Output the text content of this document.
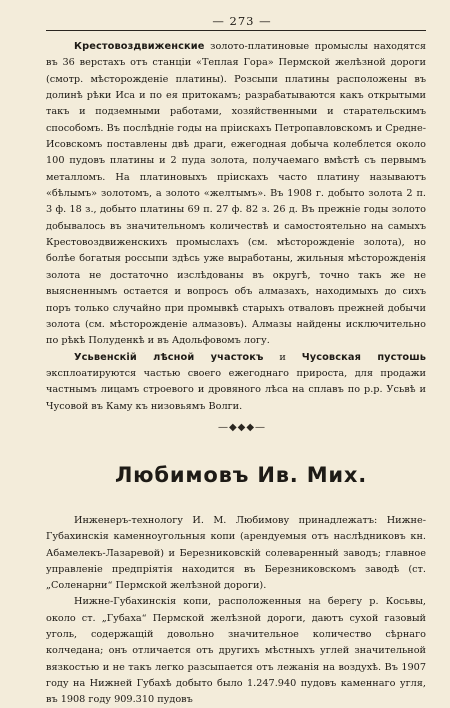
— 273 —

Крестовоздвиженские золото-платиновые промыслы находятся въ 36 верстахъ отъ станціи «Теплая Гора» Пермской желѣзной дороги (смотр. мѣсторожденіе платины). Розсыпи платины расположены въ долинѣ рѣки Иса и по ея притокамъ; разрабатываются какъ открытыми такъ и подземными работами, хозяйственными и старательскимъ способомъ. Въ послѣдніе годы на пріискахъ Петропавловскомъ и Средне-Исовскомъ поставлены двѣ драги, ежегодная добыча колеблется около 100 пудовъ платины и 2 пуда золота, получаемаго вмѣстѣ съ первымъ металломъ. На платиновыхъ пріискахъ часто платину называютъ «бѣлымъ» золотомъ, а золото «желтымъ». Въ 1908 г. добыто золота 2 п. 3 ф. 18 з., добыто платины 69 п. 27 ф. 82 з. 26 д. Въ прежніе годы золото добывалось въ значительномъ количествѣ и самостоятельно на самыхъ Крестовоздвиженскихъ промыслахъ (см. мѣсторожденіе золота), но болѣе богатыя россыпи здѣсь уже выработаны, жильныя мѣсторожденія золота не достаточно изслѣдованы въ округѣ, точно такъ же не выясненнымъ остается и вопросъ объ алмазахъ, находимыхъ до сихъ поръ только случайно при промывкѣ старыхъ отваловъ прежней добычи золота (см. мѣсторожденіе алмазовъ). Алмазы найдены исключительно по рѣкѣ Полуденкѣ и въ Адольфовомъ логу.

Усьвенскій лѣсной участокъ и Чусовская пустошь эксплоатируются частью своего ежегоднаго прироста, для продажи частнымъ лицамъ строевого и дровяного лѣса на сплавъ по р.р. Усьвѣ и Чусовой въ Каму къ низовьямъ Волги.

—◆◆◆—
Любимовъ Ив. Мих.

Инженеръ-технологу И. М. Любимову принадлежатъ: Нижне-Губахинскія каменноугольныя копи (арендуемыя отъ наслѣдниковъ кн. Абамелекъ-Лазаревой) и Березниковскій солеваренный заводъ; главное управленіе предпріятія находится въ Березниковскомъ заводѣ (ст. „Соленарни“ Пермской желѣзной дороги).

Нижне-Губахинскія копи, расположенныя на берегу р. Косьвы, около ст. „Губаха“ Пермской желѣзной дороги, даютъ сухой газовый уголь, содержащій довольно значительное количество сѣрнаго колчедана; онъ отличается отъ другихъ мѣстныхъ углей значительной вязкостью и не такъ легко разсыпается отъ лежанія на воздухѣ. Въ 1907 году на Нижней Губахѣ добыто было 1.247.940 пудовъ каменнаго угля, въ 1908 году 909.310 пудовъ
